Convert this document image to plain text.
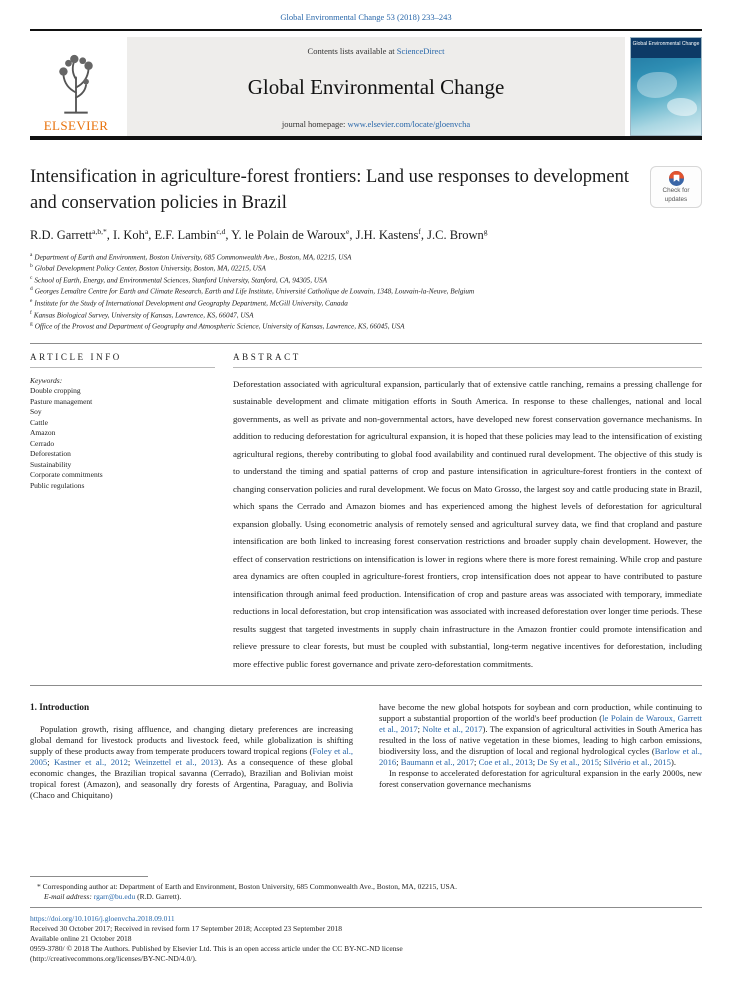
Global Environmental Change 53 (2018) 233–243
ELSEVIER
Contents lists available at ScienceDirect
Global Environmental Change
journal homepage: www.elsevier.com/locate/gloenvcha
Global Environmental Change
Intensification in agriculture-forest frontiers: Land use responses to development and conservation policies in Brazil
Check for
updates
R.D. Garrett$^{a,b,*}$, I. Koh$^a$, E.F. Lambin$^{c,d}$, Y. le Polain de Waroux$^e$, J.H. Kastens$^f$, J.C. Brown$^g$
$^a$ Department of Earth and Environment, Boston University, 685 Commonwealth Ave., Boston, MA, 02215, USA
$^b$ Global Development Policy Center, Boston University, Boston, MA, 02215, USA
$^c$ School of Earth, Energy, and Environmental Sciences, Stanford University, Stanford, CA, 94305, USA
$^d$ Georges Lemaître Centre for Earth and Climate Research, Earth and Life Institute, Université Catholique de Louvain, 1348, Louvain-la-Neuve, Belgium
$^e$ Institute for the Study of International Development and Geography Department, McGill University, Canada
$^f$ Kansas Biological Survey, University of Kansas, Lawrence, KS, 66047, USA
$^g$ Office of the Provost and Department of Geography and Atmospheric Science, University of Kansas, Lawrence, KS, 66045, USA
ARTICLE INFO
Keywords:
Double cropping
Pasture management
Soy
Cattle
Amazon
Cerrado
Deforestation
Sustainability
Corporate commitments
Public regulations
ABSTRACT

Deforestation associated with agricultural expansion, particularly that of extensive cattle ranching, remains a pressing challenge for sustainable development and climate mitigation efforts in South America. In response to these challenges, national and local governments, as well as private and non-governmental actors, have developed new forest conservation governance mechanisms. In addition to reducing deforestation for agricultural expansion, it is hoped that these policies may lead to the intensification of existing agricultural regions, thereby contributing to global food availability and continued rural development. The objective of this study is to understand the timing and spatial patterns of crop and pasture intensification in agriculture-forest frontiers in the context of changing conservation policies and rural development. We focus on Mato Grosso, the largest soy and cattle producing state in Brazil, which spans the Cerrado and Amazon biomes and has experienced among the highest levels of deforestation for agricultural expansion globally. Using econometric analysis of remotely sensed and agricultural survey data, we find that cropland and pasture intensification are both linked to increasing forest conservation restrictions and broader supply chain development. However, the effect of conservation restrictions on intensification is lower in regions where there is more forest remaining. While crop and pasture area dynamics are often coupled in agriculture-forest frontiers, crop intensification does not appear to have contributed to pasture intensification through animal feed production. Intensification of crop and pasture areas was associated with temporary, immediate reductions in local deforestation, but crop intensification was associated with increased deforestation over longer time periods. These results suggest that targeted investments in supply chain infrastructure in the Amazon frontier could promote intensification and relieve pressure to clear forests, but must be coupled with substantial, long-term negative incentives for deforestation, including more effective public forest governance and private zero-deforestation commitments.

1. Introduction

Population growth, rising affluence, and changing dietary preferences are increasing global demand for livestock products and livestock feed, while globalization is shifting supply of these products away from temperate producers toward tropical regions (Foley et al., 2005; Kastner et al., 2012; Weinzettel et al., 2013). As a consequence of these global economic changes, the Brazilian tropical savanna (Cerrado), Brazilian and Bolivian moist tropical forest (Amazon), and seasonally dry forests of Argentina, Paraguay, and Bolivia (Chaco and Chiquitano)

have become the new global hotspots for soybean and corn production, while continuing to support a substantial proportion of the world's beef production (le Polain de Waroux, Garrett et al., 2017; Nolte et al., 2017). The expansion of agricultural activities in South America has resulted in the loss of native vegetation in these biomes, leading to high carbon emissions, biodiversity loss, and the disruption of local and regional hydrological cycles (Barlow et al., 2016; Baumann et al., 2017; Coe et al., 2013; De Sy et al., 2015; Silvério et al., 2015).

In response to accelerated deforestation for agricultural expansion in the early 2000s, new forest conservation governance mechanisms

* Corresponding author at: Department of Earth and Environment, Boston University, 685 Commonwealth Ave., Boston, MA, 02215, USA.
E-mail address: rgarr@bu.edu (R.D. Garrett).
https://doi.org/10.1016/j.gloenvcha.2018.09.011
Received 30 October 2017; Received in revised form 17 September 2018; Accepted 23 September 2018
Available online 21 October 2018
0959-3780/ © 2018 The Authors. Published by Elsevier Ltd. This is an open access article under the CC BY-NC-ND license
(http://creativecommons.org/licenses/BY-NC-ND/4.0/).
